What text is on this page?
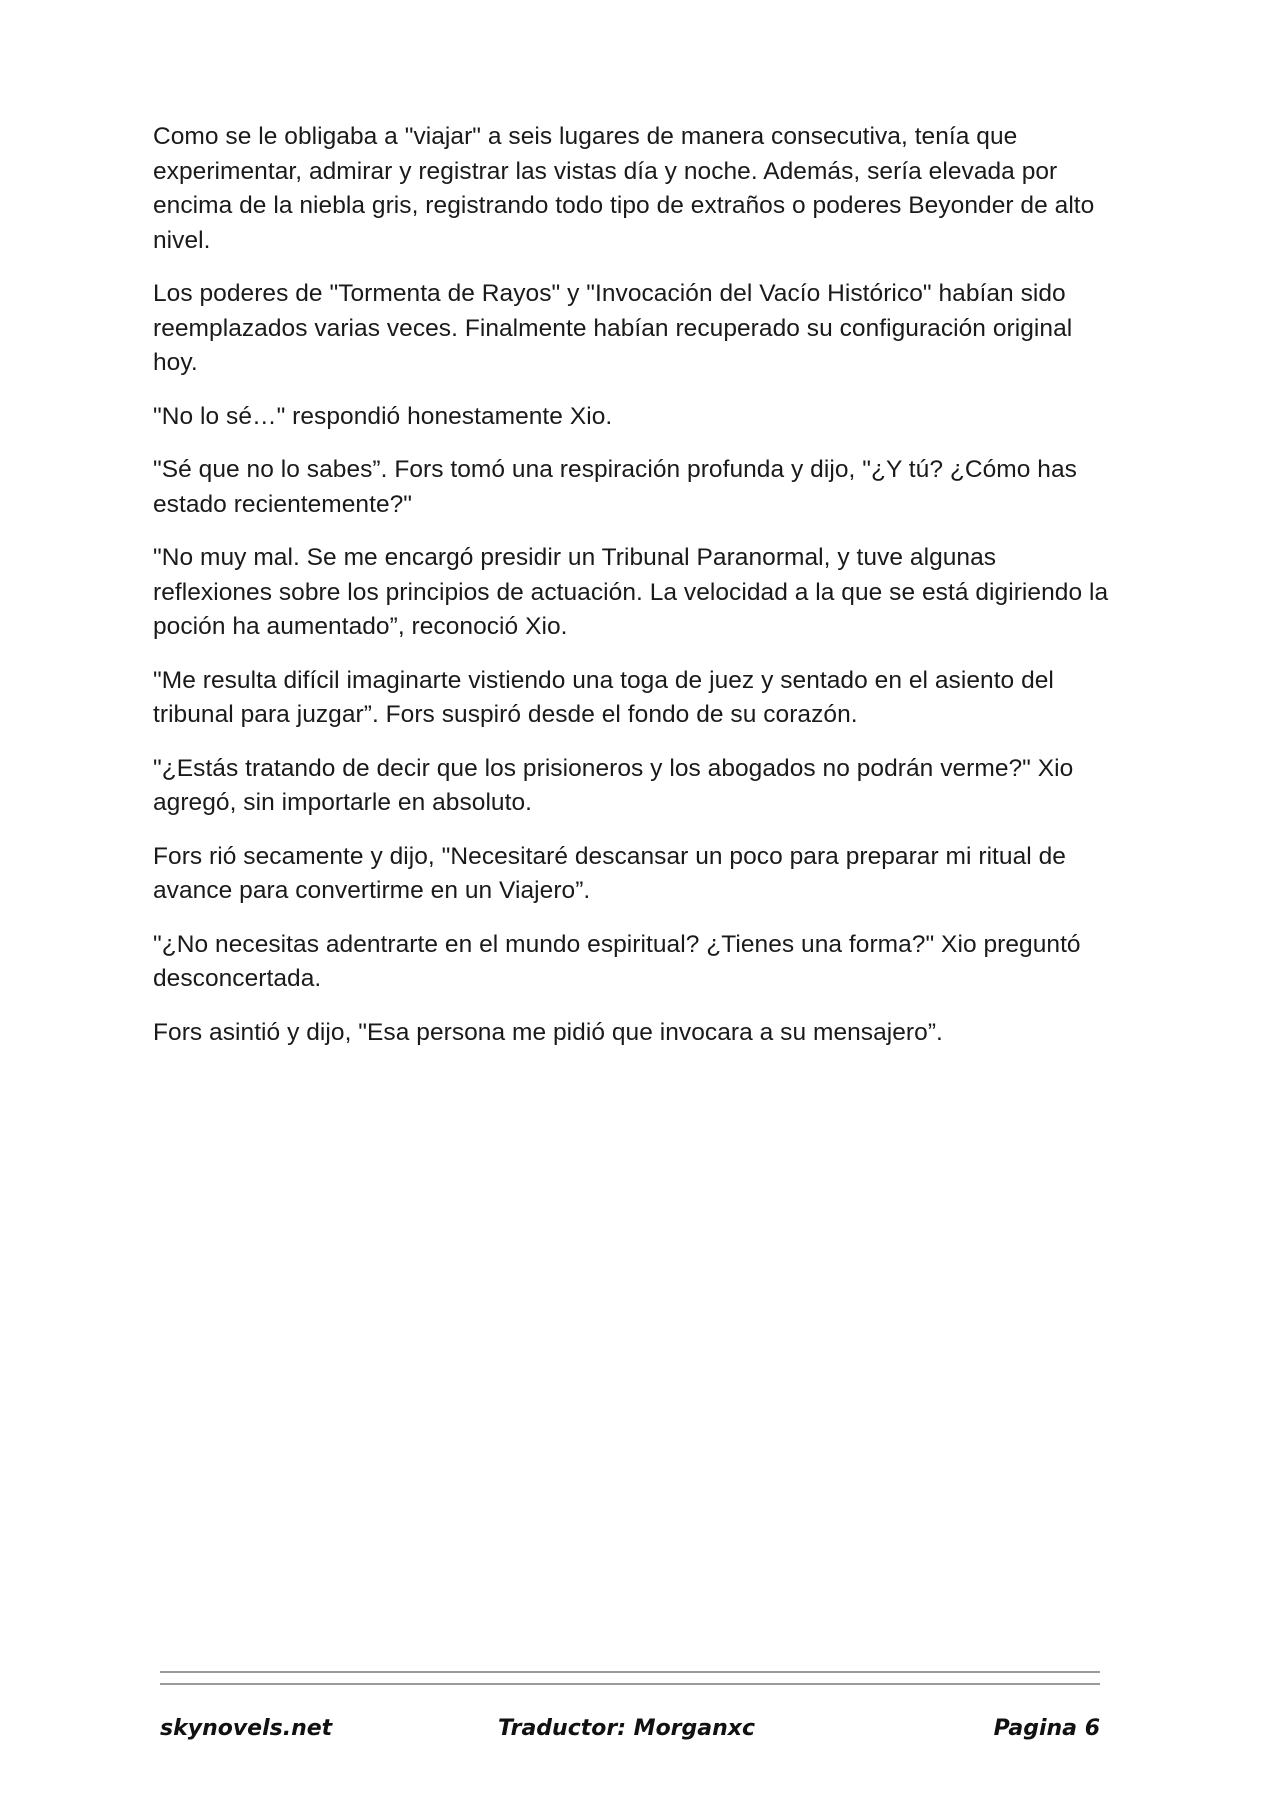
Como se le obligaba a "viajar" a seis lugares de manera consecutiva, tenía que experimentar, admirar y registrar las vistas día y noche. Además, sería elevada por encima de la niebla gris, registrando todo tipo de extraños o poderes Beyonder de alto nivel.

Los poderes de "Tormenta de Rayos" y "Invocación del Vacío Histórico" habían sido reemplazados varias veces. Finalmente habían recuperado su configuración original hoy.

"No lo sé…" respondió honestamente Xio.

"Sé que no lo sabes”. Fors tomó una respiración profunda y dijo, "¿Y tú? ¿Cómo has estado recientemente?"

"No muy mal. Se me encargó presidir un Tribunal Paranormal, y tuve algunas reflexiones sobre los principios de actuación. La velocidad a la que se está digiriendo la poción ha aumentado”, reconoció Xio.

"Me resulta difícil imaginarte vistiendo una toga de juez y sentado en el asiento del tribunal para juzgar”. Fors suspiró desde el fondo de su corazón.

"¿Estás tratando de decir que los prisioneros y los abogados no podrán verme?" Xio agregó, sin importarle en absoluto.

Fors rió secamente y dijo, "Necesitaré descansar un poco para preparar mi ritual de avance para convertirme en un Viajero”.

"¿No necesitas adentrarte en el mundo espiritual? ¿Tienes una forma?" Xio preguntó desconcertada.

Fors asintió y dijo, "Esa persona me pidió que invocara a su mensajero”.

skynovels.net	Traductor: Morganxc	Pagina 6
